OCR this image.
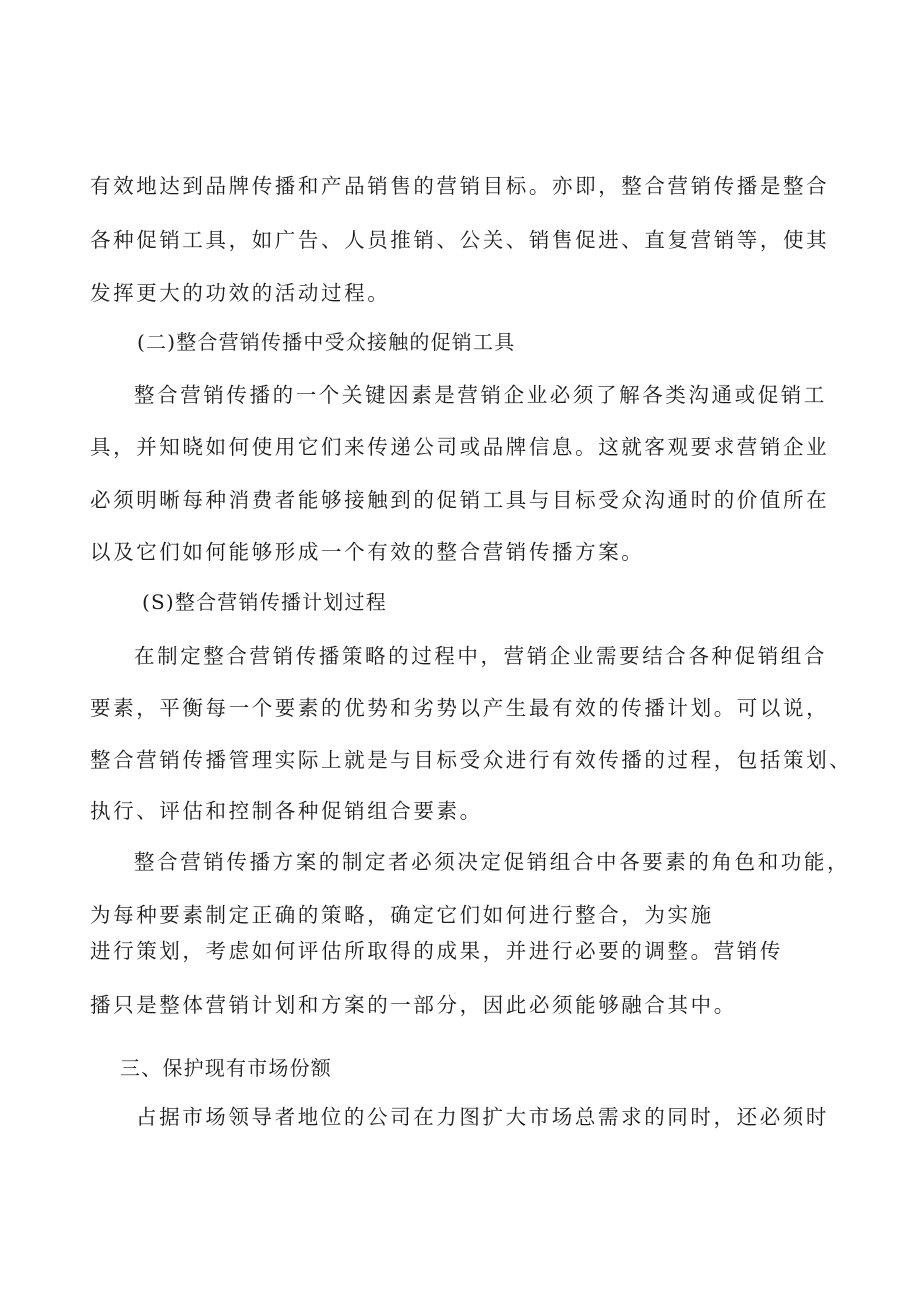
有效地达到品牌传播和产品销售的营销目标。亦即，整合营销传播是整合
各种促销工具，如广告、人员推销、公关、销售促进、直复营销等，使其
发挥更大的功效的活动过程。
(二)整合营销传播中受众接触的促销工具
整合营销传播的一个关键因素是营销企业必须了解各类沟通或促销工
具，并知晓如何使用它们来传递公司或品牌信息。这就客观要求营销企业
必须明晰每种消费者能够接触到的促销工具与目标受众沟通时的价值所在
以及它们如何能够形成一个有效的整合营销传播方案。
(S)整合营销传播计划过程
在制定整合营销传播策略的过程中，营销企业需要结合各种促销组合
要素，平衡每一个要素的优势和劣势以产生最有效的传播计划。可以说，
整合营销传播管理实际上就是与目标受众进行有效传播的过程，包括策划、
执行、评估和控制各种促销组合要素。
整合营销传播方案的制定者必须决定促销组合中各要素的角色和功能，
为每种要素制定正确的策略，确定它们如何进行整合，为实施
进行策划，考虑如何评估所取得的成果，并进行必要的调整。营销传
播只是整体营销计划和方案的一部分，因此必须能够融合其中。
三、保护现有市场份额
占据市场领导者地位的公司在力图扩大市场总需求的同时，还必须时
